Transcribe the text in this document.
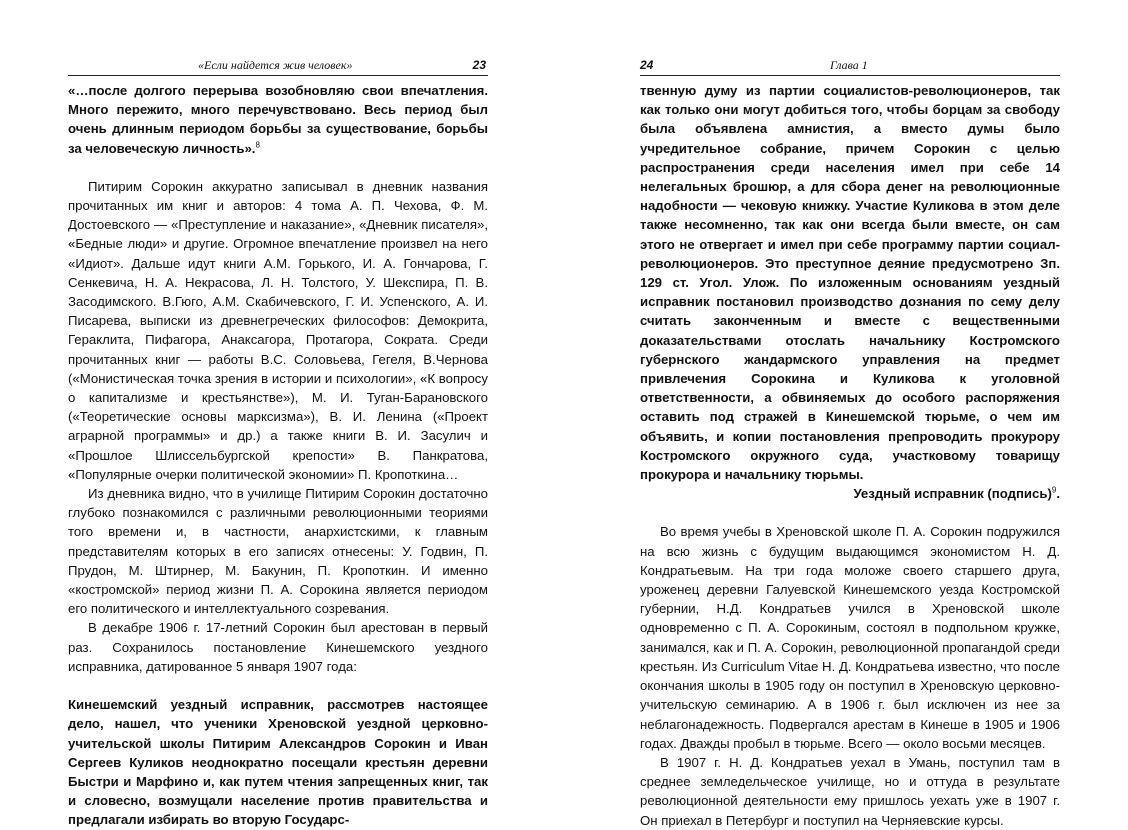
«Если найдется жив человек»	23

«…после долгого перерыва возобновляю свои впечатления. Много пережито, много перечувствовано. Весь период был очень длинным периодом борьбы за существование, борьбы за человеческую личность».$^8$

Питирим Сорокин аккуратно записывал в дневник названия прочитанных им книг и авторов: 4 тома А. П. Чехова, Ф. М. Достоевского — «Преступление и наказание», «Дневник писателя», «Бедные люди» и другие. Огромное впечатление произвел на него «Идиот». Дальше идут книги А.М. Горького, И. А. Гончарова, Г. Сенкевича, Н. А. Некрасова, Л. Н. Толстого, У. Шекспира, П. В. Засодимского. В.Гюго, А.М. Скабичевского, Г. И. Успенского, А. И. Писарева, выписки из древнегреческих философов: Демокрита, Гераклита, Пифагора, Анаксагора, Протагора, Сократа. Среди прочитанных книг — работы В.С. Соловьева, Гегеля, В.Чернова («Монистическая точка зрения в истории и психологии», «К вопросу о капитализме и крестьянстве»), М. И. Туган-Барановского («Теоретические основы марксизма»), В. И. Ленина («Проект аграрной программы» и др.) а также книги В. И. Засулич и «Прошлое Шлиссельбургской крепости» В. Панкратова, «Популярные очерки политической экономии» П. Кропоткина…

Из дневника видно, что в училище Питирим Сорокин достаточно глубоко познакомился с различными революционными теориями того времени и, в частности, анархистскими, к главным представителям которых в его записях отнесены: У. Годвин, П. Прудон, М. Штирнер, М. Бакунин, П. Кропоткин. И именно «костромской» период жизни П. А. Сорокина является периодом его политического и интеллектуального созревания.

В декабре 1906 г. 17-летний Сорокин был арестован в первый раз. Сохранилось постановление Кинешемского уездного исправника, датированное 5 января 1907 года:

Кинешемский уездный исправник, рассмотрев настоящее дело, нашел, что ученики Хреновской уездной церковно-учительской школы Питирим Александров Сорокин и Иван Сергеев Куликов неоднократно посещали крестьян деревни Быстри и Марфино и, как путем чтения запрещенных книг, так и словесно, возмущали население против правительства и предлагали избирать во вторую Государс-

24	Глава 1

твенную думу из партии социалистов-революционеров, так как только они могут добиться того, чтобы борцам за свободу была объявлена амнистия, а вместо думы было учредительное собрание, причем Сорокин с целью распространения среди населения имел при себе 14 нелегальных брошюр, а для сбора денег на революционные надобности — чековую книжку. Участие Куликова в этом деле также несомненно, так как они всегда были вместе, он сам этого не отвергает и имел при себе программу партии социал-революционеров. Это преступное деяние предусмотрено Зп. 129 ст. Угол. Улож. По изложенным основаниям уездный исправник постановил производство дознания по сему делу считать законченным и вместе с вещественными доказательствами отослать начальнику Костромского губернского жандармского управления на предмет привлечения Сорокина и Куликова к уголовной ответственности, а обвиняемых до особого распоряжения оставить под стражей в Кинешемской тюрьме, о чем им объявить, и копии постановления препроводить прокурору Костромского окружного суда, участковому товарищу прокурора и начальнику тюрьмы.

Уездный исправник (подпись)$^9$.

Во время учебы в Хреновской школе П. А. Сорокин подружился на всю жизнь с будущим выдающимся экономистом Н. Д. Кондратьевым. На три года моложе своего старшего друга, уроженец деревни Галуевской Кинешемского уезда Костромской губернии, Н.Д. Кондратьев учился в Хреновской школе одновременно с П. А. Сорокиным, состоял в подпольном кружке, занимался, как и П. А. Сорокин, революционной пропагандой среди крестьян. Из Curriculum Vitae Н. Д. Кондратьева известно, что после окончания школы в 1905 году он поступил в Хреновскую церковно-учительскую семинарию. А в 1906 г. был исключен из нее за неблагонадежность. Подвергался арестам в Кинеше в 1905 и 1906 годах. Дважды пробыл в тюрьме. Всего — около восьми месяцев.

В 1907 г. Н. Д. Кондратьев уехал в Умань, поступил там в среднее земледельческое училище, но и оттуда в результате революционной деятельности ему пришлось уехать уже в 1907 г. Он приехал в Петербург и поступил на Черняевские курсы.
